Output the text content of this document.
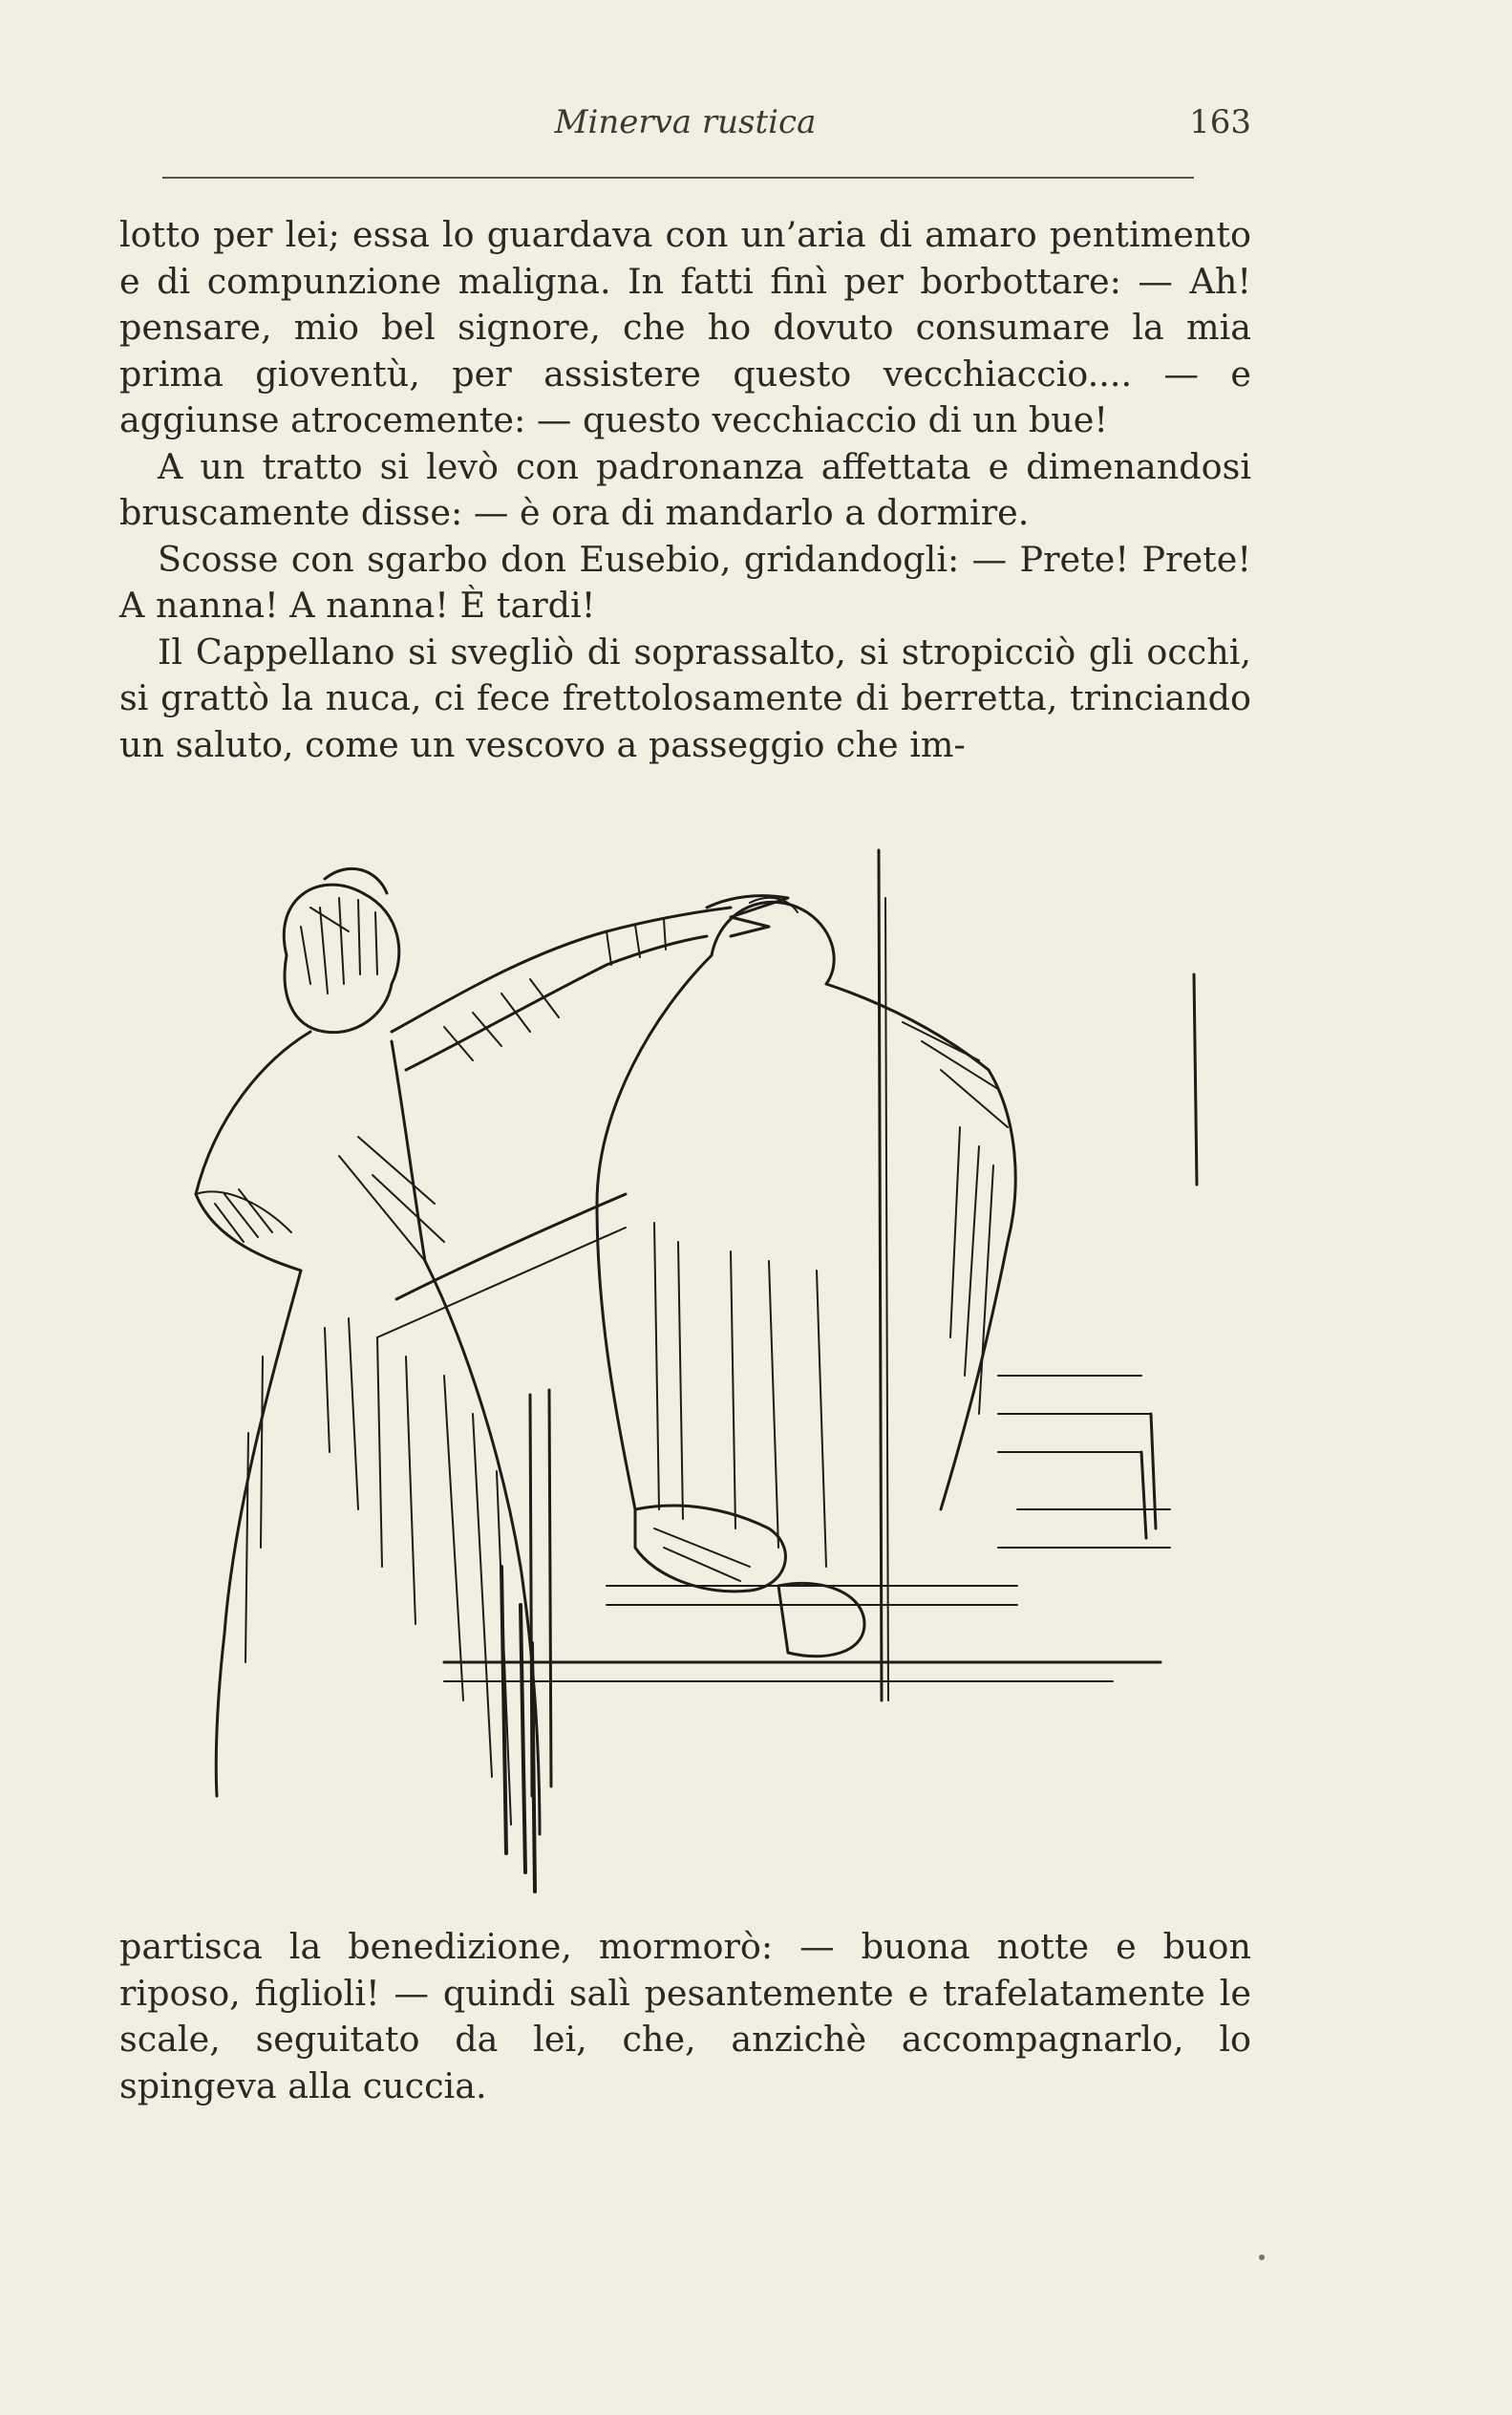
Minerva rustica	163

lotto per lei; essa lo guardava con un’aria di amaro pentimento e di compunzione maligna. In fatti finì per borbottare: — Ah! pensare, mio bel signore, che ho dovuto consumare la mia prima gioventù, per assistere questo vecchiaccio.... — e aggiunse atrocemente: — questo vecchiaccio di un bue!

A un tratto si levò con padronanza affettata e dimenandosi bruscamente disse: — è ora di mandarlo a dormire.

Scosse con sgarbo don Eusebio, gridandogli: — Prete! Prete! A nanna! A nanna! È tardi!

Il Cappellano si svegliò di soprassalto, si stropicciò gli occhi, si grattò la nuca, ci fece frettolosamente di berretta, trinciando un saluto, come un vescovo a passeggio che im-

partisca la benedizione, mormorò: — buona notte e buon riposo, figlioli! — quindi salì pesantemente e trafelatamente le scale, seguitato da lei, che, anzichè accompagnarlo, lo spingeva alla cuccia.
